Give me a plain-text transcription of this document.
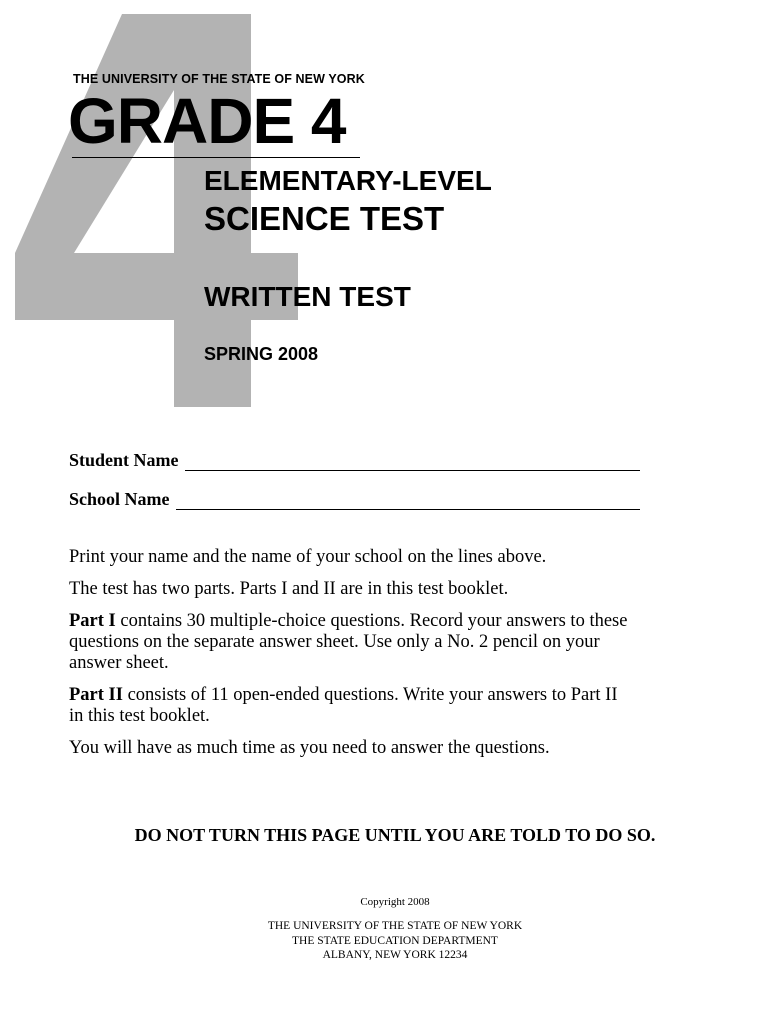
THE UNIVERSITY OF THE STATE OF NEW YORK
GRADE 4
ELEMENTARY-LEVEL
SCIENCE TEST
WRITTEN TEST
SPRING 2008
Student Name
School Name

Print your name and the name of your school on the lines above.

The test has two parts. Parts I and II are in this test booklet.

Part I contains 30 multiple-choice questions. Record your answers to these questions on the separate answer sheet. Use only a No. 2 pencil on your answer sheet.

Part II consists of 11 open-ended questions. Write your answers to Part II in this test booklet.

You will have as much time as you need to answer the questions.

DO NOT TURN THIS PAGE UNTIL YOU ARE TOLD TO DO SO.
Copyright 2008
THE UNIVERSITY OF THE STATE OF NEW YORK
THE STATE EDUCATION DEPARTMENT
ALBANY, NEW YORK 12234
